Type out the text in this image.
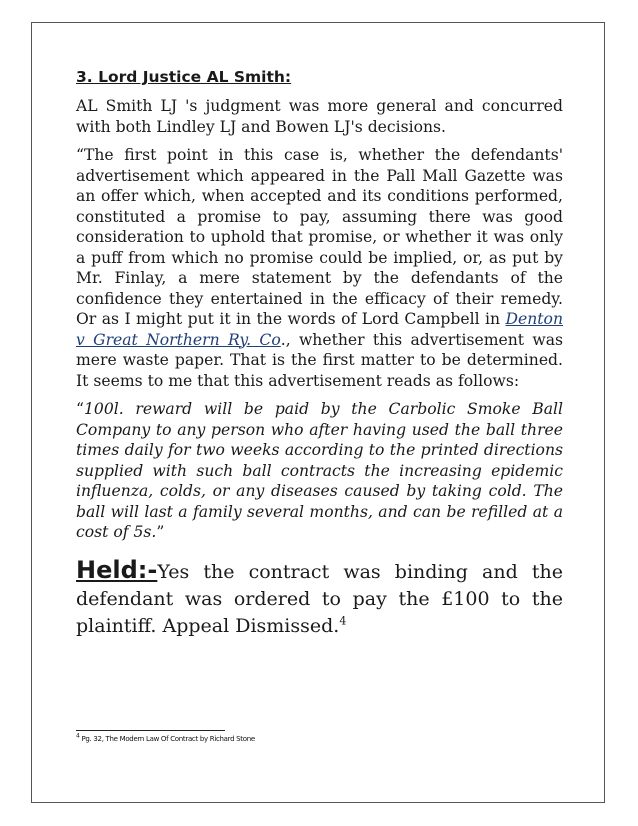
3. Lord Justice AL Smith:

AL Smith LJ 's judgment was more general and concurred with both Lindley LJ and Bowen LJ's decisions.

“The first point in this case is, whether the defendants' advertisement which appeared in the Pall Mall Gazette was an offer which, when accepted and its conditions performed, constituted a promise to pay, assuming there was good consideration to uphold that promise, or whether it was only a puff from which no promise could be implied, or, as put by Mr. Finlay, a mere statement by the defendants of the confidence they entertained in the efficacy of their remedy. Or as I might put it in the words of Lord Campbell in Denton v Great Northern Ry. Co., whether this advertisement was mere waste paper. That is the first matter to be determined. It seems to me that this advertisement reads as follows:

“100l. reward will be paid by the Carbolic Smoke Ball Company to any person who after having used the ball three times daily for two weeks according to the printed directions supplied with such ball contracts the increasing epidemic influenza, colds, or any diseases caused by taking cold. The ball will last a family several months, and can be refilled at a cost of 5s.”

Held:-Yes the contract was binding and the defendant was ordered to pay the £100 to the plaintiff. Appeal Dismissed.$^4$

$^4$ Pg. 32, The Modern Law Of Contract by Richard Stone
